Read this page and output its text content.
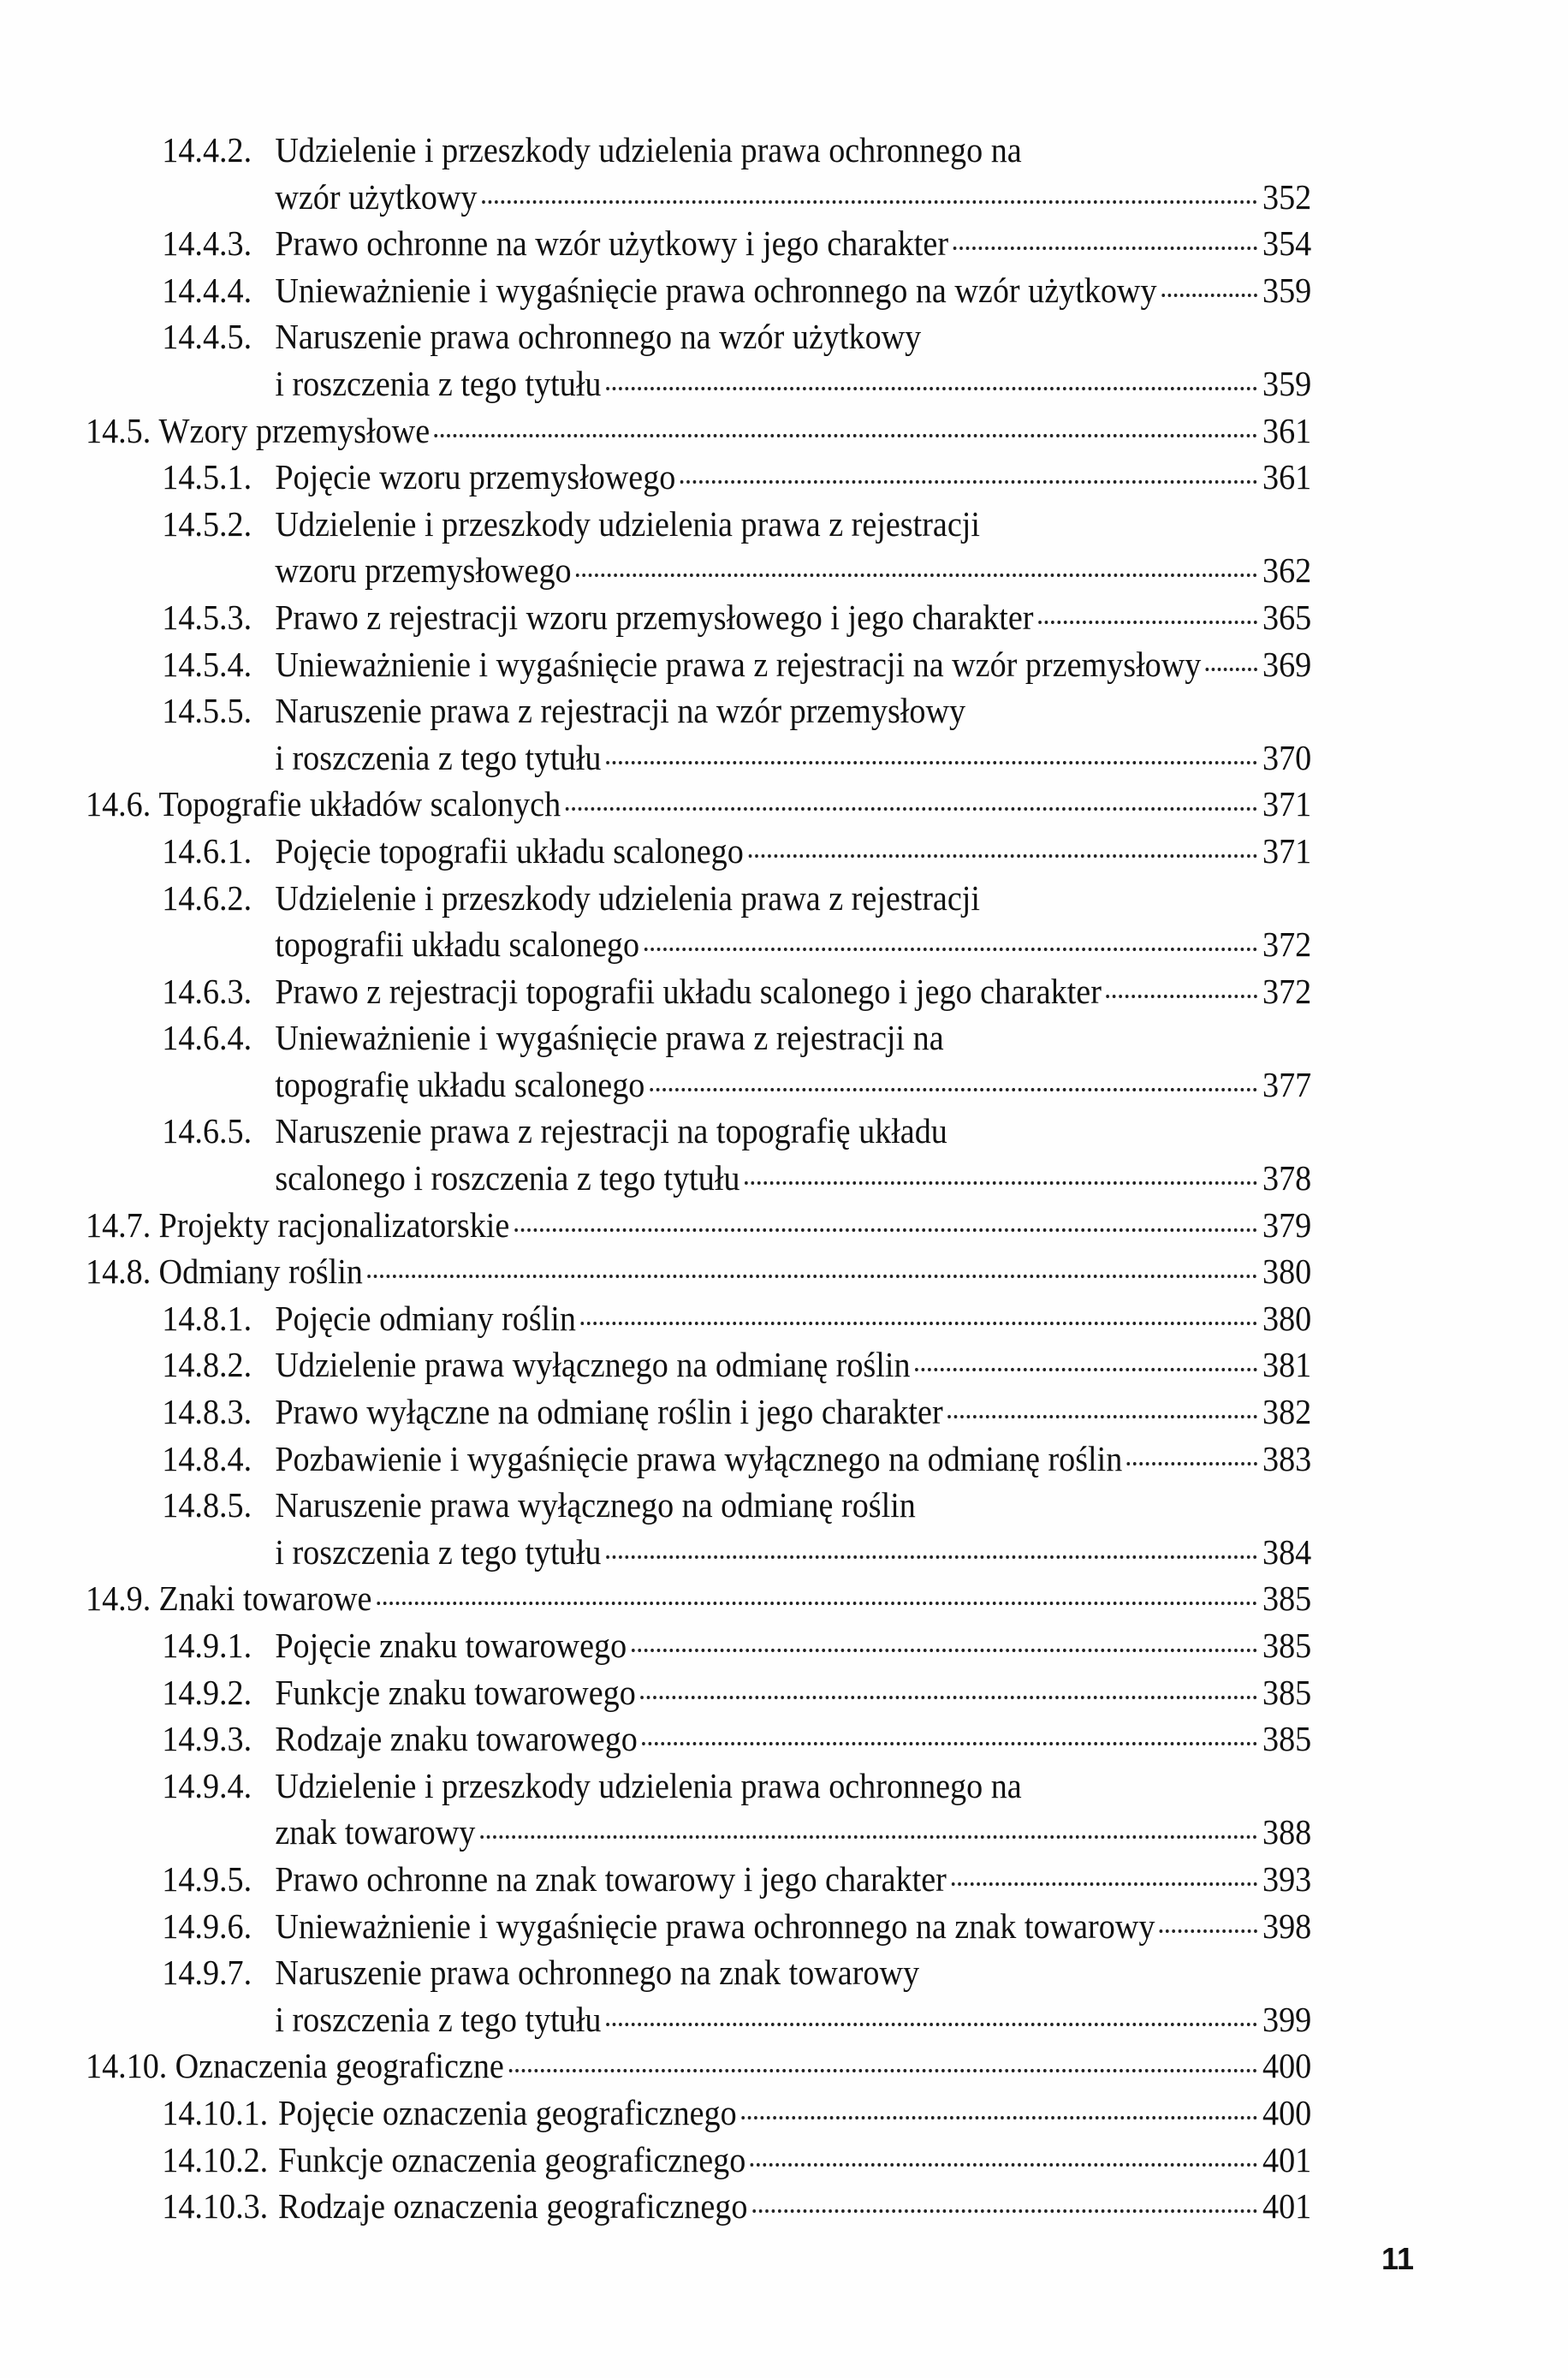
14.4.2. Udzielenie i przeszkody udzielenia prawa ochronnego na
wzór użytkowy	352
14.4.3. Prawo ochronne na wzór użytkowy i jego charakter	354
14.4.4. Unieważnienie i wygaśnięcie prawa ochronnego na wzór użytkowy	359
14.4.5. Naruszenie prawa ochronnego na wzór użytkowy
i roszczenia z tego tytułu	359
14.5. Wzory przemysłowe	361
14.5.1. Pojęcie wzoru przemysłowego	361
14.5.2. Udzielenie i przeszkody udzielenia prawa z rejestracji
wzoru przemysłowego	362
14.5.3. Prawo z rejestracji wzoru przemysłowego i jego charakter	365
14.5.4. Unieważnienie i wygaśnięcie prawa z rejestracji na wzór przemysłowy 369
14.5.5. Naruszenie prawa z rejestracji na wzór przemysłowy
i roszczenia z tego tytułu	370
14.6. Topografie układów scalonych	371
14.6.1. Pojęcie topografii układu scalonego	371
14.6.2. Udzielenie i przeszkody udzielenia prawa z rejestracji
topografii układu scalonego	372
14.6.3. Prawo z rejestracji topografii układu scalonego i jego charakter	372
14.6.4. Unieważnienie i wygaśnięcie prawa z rejestracji na
topografię układu scalonego	377
14.6.5. Naruszenie prawa z rejestracji na topografię układu
scalonego i roszczenia z tego tytułu	378
14.7. Projekty racjonalizatorskie	379
14.8. Odmiany roślin	380
14.8.1. Pojęcie odmiany roślin	380
14.8.2. Udzielenie prawa wyłącznego na odmianę roślin	381
14.8.3. Prawo wyłączne na odmianę roślin i jego charakter	382
14.8.4. Pozbawienie i wygaśnięcie prawa wyłącznego na odmianę roślin	383
14.8.5. Naruszenie prawa wyłącznego na odmianę roślin
i roszczenia z tego tytułu	384
14.9. Znaki towarowe	385
14.9.1. Pojęcie znaku towarowego	385
14.9.2. Funkcje znaku towarowego	385
14.9.3. Rodzaje znaku towarowego	385
14.9.4. Udzielenie i przeszkody udzielenia prawa ochronnego na
znak towarowy	388
14.9.5. Prawo ochronne na znak towarowy i jego charakter	393
14.9.6. Unieważnienie i wygaśnięcie prawa ochronnego na znak towarowy	398
14.9.7. Naruszenie prawa ochronnego na znak towarowy
i roszczenia z tego tytułu	399
14.10. Oznaczenia geograficzne	400
14.10.1. Pojęcie oznaczenia geograficznego	400
14.10.2. Funkcje oznaczenia geograficznego	401
14.10.3. Rodzaje oznaczenia geograficznego	401
11
